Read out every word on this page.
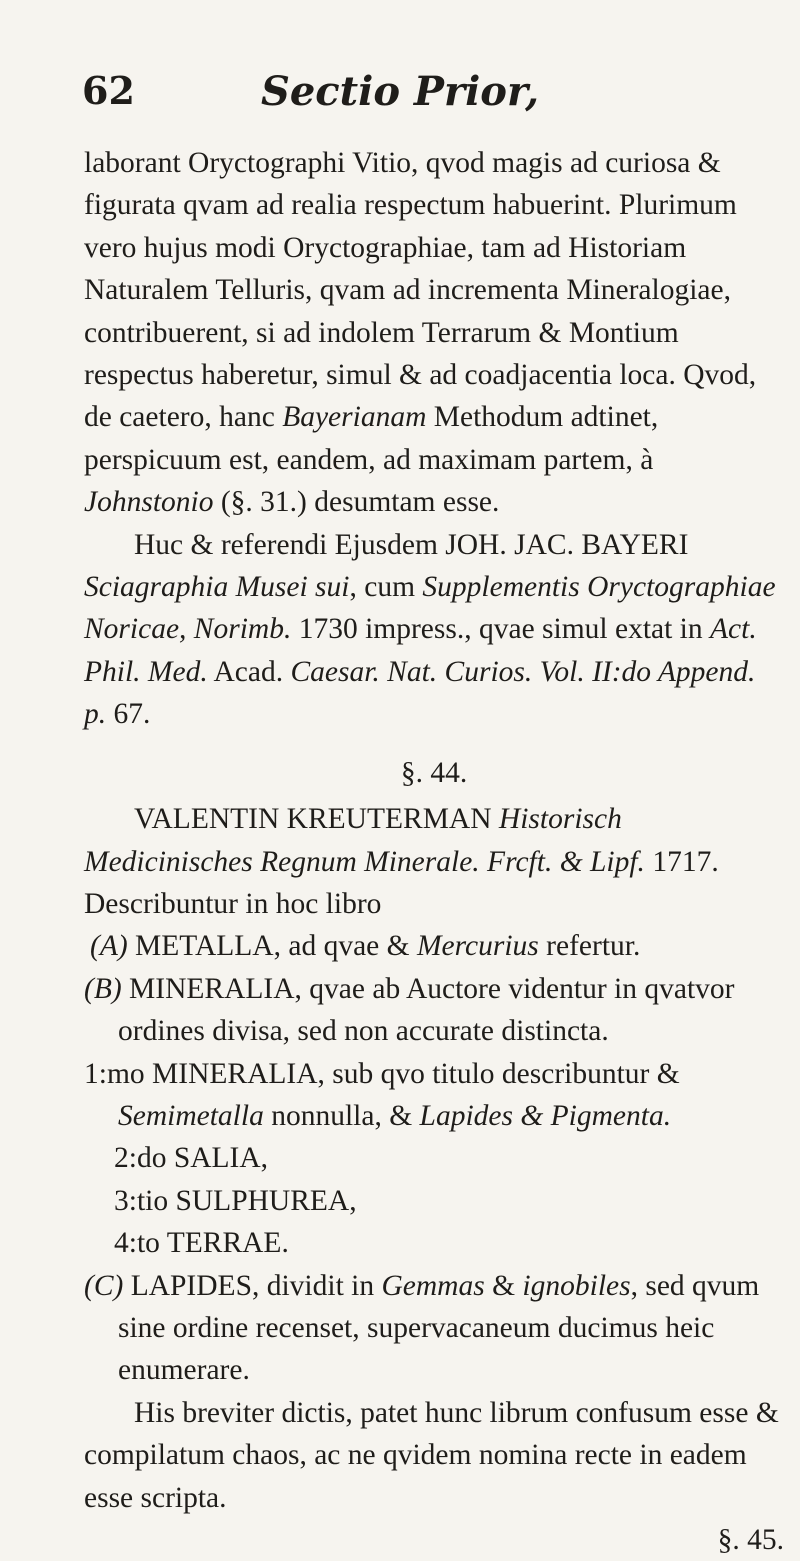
62	Sectio Prior,

laborant Oryctographi Vitio, qvod magis ad curiosa & figurata qvam ad realia respectum habuerint. Plurimum vero hujus modi Oryctographiae, tam ad Historiam Naturalem Telluris, qvam ad incrementa Mineralogiae, contribuerent, si ad indolem Terrarum & Montium respectus haberetur, simul & ad coadjacentia loca. Qvod, de caetero, hanc Bayerianam Methodum adtinet, perspicuum est, eandem, ad maximam partem, à Johnstonio (§. 31.) desumtam esse.

Huc & referendi Ejusdem JOH. JAC. BAYERI Sciagraphia Musei sui, cum Supplementis Oryctographiae Noricae, Norimb. 1730 impress., qvae simul extat in Act. Phil. Med. Acad. Caesar. Nat. Curios. Vol. II:do Append. p. 67.

§. 44.

VALENTIN KREUTERMAN Historisch Medicinisches Regnum Minerale. Frcft. & Lipf. 1717. Describuntur in hoc libro

(A) METALLA, ad qvae & Mercurius refertur.

(B) MINERALIA, qvae ab Auctore videntur in qvatvor ordines divisa, sed non accurate distincta.

1:mo MINERALIA, sub qvo titulo describuntur & Semimetalla nonnulla, & Lapides & Pigmenta.

2:do SALIA,

3:tio SULPHUREA,

4:to TERRAE.

(C) LAPIDES, dividit in Gemmas & ignobiles, sed qvum sine ordine recenset, supervacaneum ducimus heic enumerare.

His breviter dictis, patet hunc librum confusum esse & compilatum chaos, ac ne qvidem nomina recte in eadem esse scripta.

§. 45.
